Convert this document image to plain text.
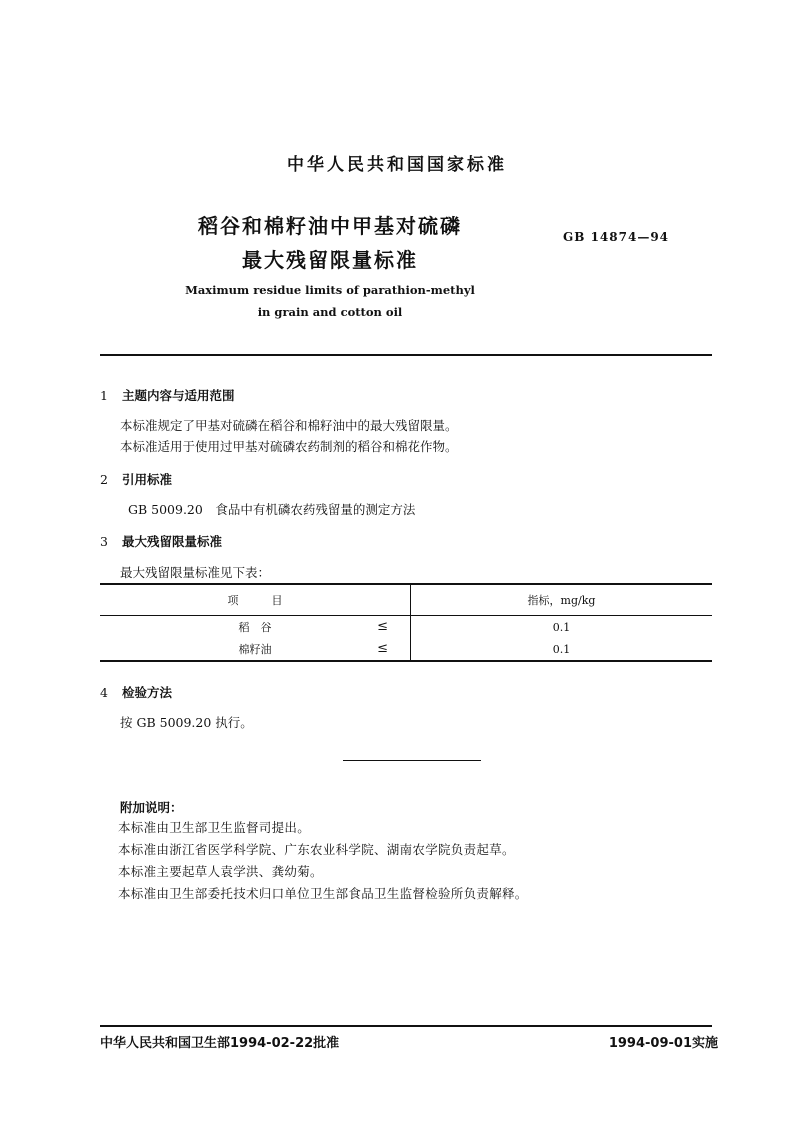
中华人民共和国国家标准
稻谷和棉籽油中甲基对硫磷
最大残留限量标准
GB 14874—94
Maximum residue limits of parathion-methyl
in grain and cotton oil
1 主题内容与适用范围
本标准规定了甲基对硫磷在稻谷和棉籽油中的最大残留限量。
本标准适用于使用过甲基对硫磷农药制剂的稻谷和棉花作物。
2 引用标准
GB 5009.20　食品中有机磷农药残留量的测定方法
3 最大残留限量标准
最大残留限量标准见下表：
项　　　目	指标，mg/kg
稻　谷 ≤	0.1
棉籽油 ≤	0.1
4 检验方法
按 GB 5009.20 执行。
附加说明：
本标准由卫生部卫生监督司提出。
本标准由浙江省医学科学院、广东农业科学院、湖南农学院负责起草。
本标准主要起草人袁学洪、龚幼菊。
本标准由卫生部委托技术归口单位卫生部食品卫生监督检验所负责解释。
中华人民共和国卫生部1994-02-22批准	1994-09-01实施
